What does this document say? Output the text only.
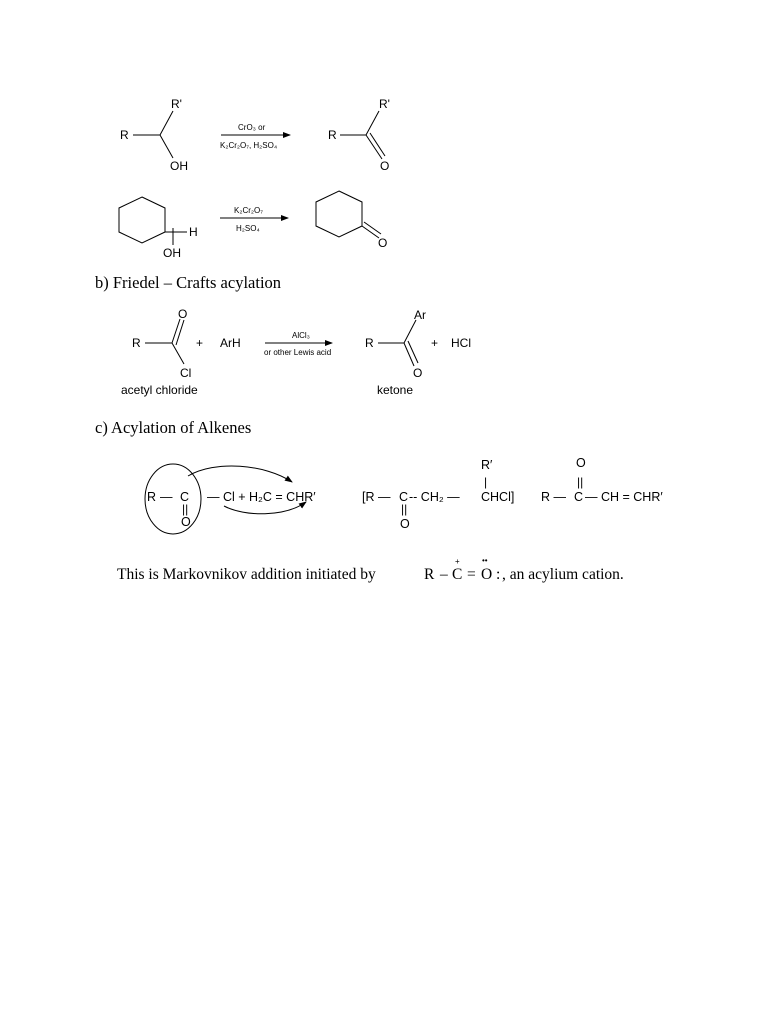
R
R'
OH
CrO₃ or
K₂Cr₂O₇, H₂SO₄
R
R'
O
H
OH
K₂Cr₂O₇
H₂SO₄
O
R
O
Cl
acetyl chloride
+ ArH
AlCl₃
or other Lewis acid
R
Ar
O
ketone
+ HCl
R — C
||
O
— Cl + H₂C = CHR′	[R — C -- CH₂ — CHCl]
||
O
R′
|
R — C — CH = CHR′
O
||
This is Markovnikov addition initiated by	R – C
+
= O
••
: , an acylium cation.
b) Friedel – Crafts acylation
c) Acylation of Alkenes
